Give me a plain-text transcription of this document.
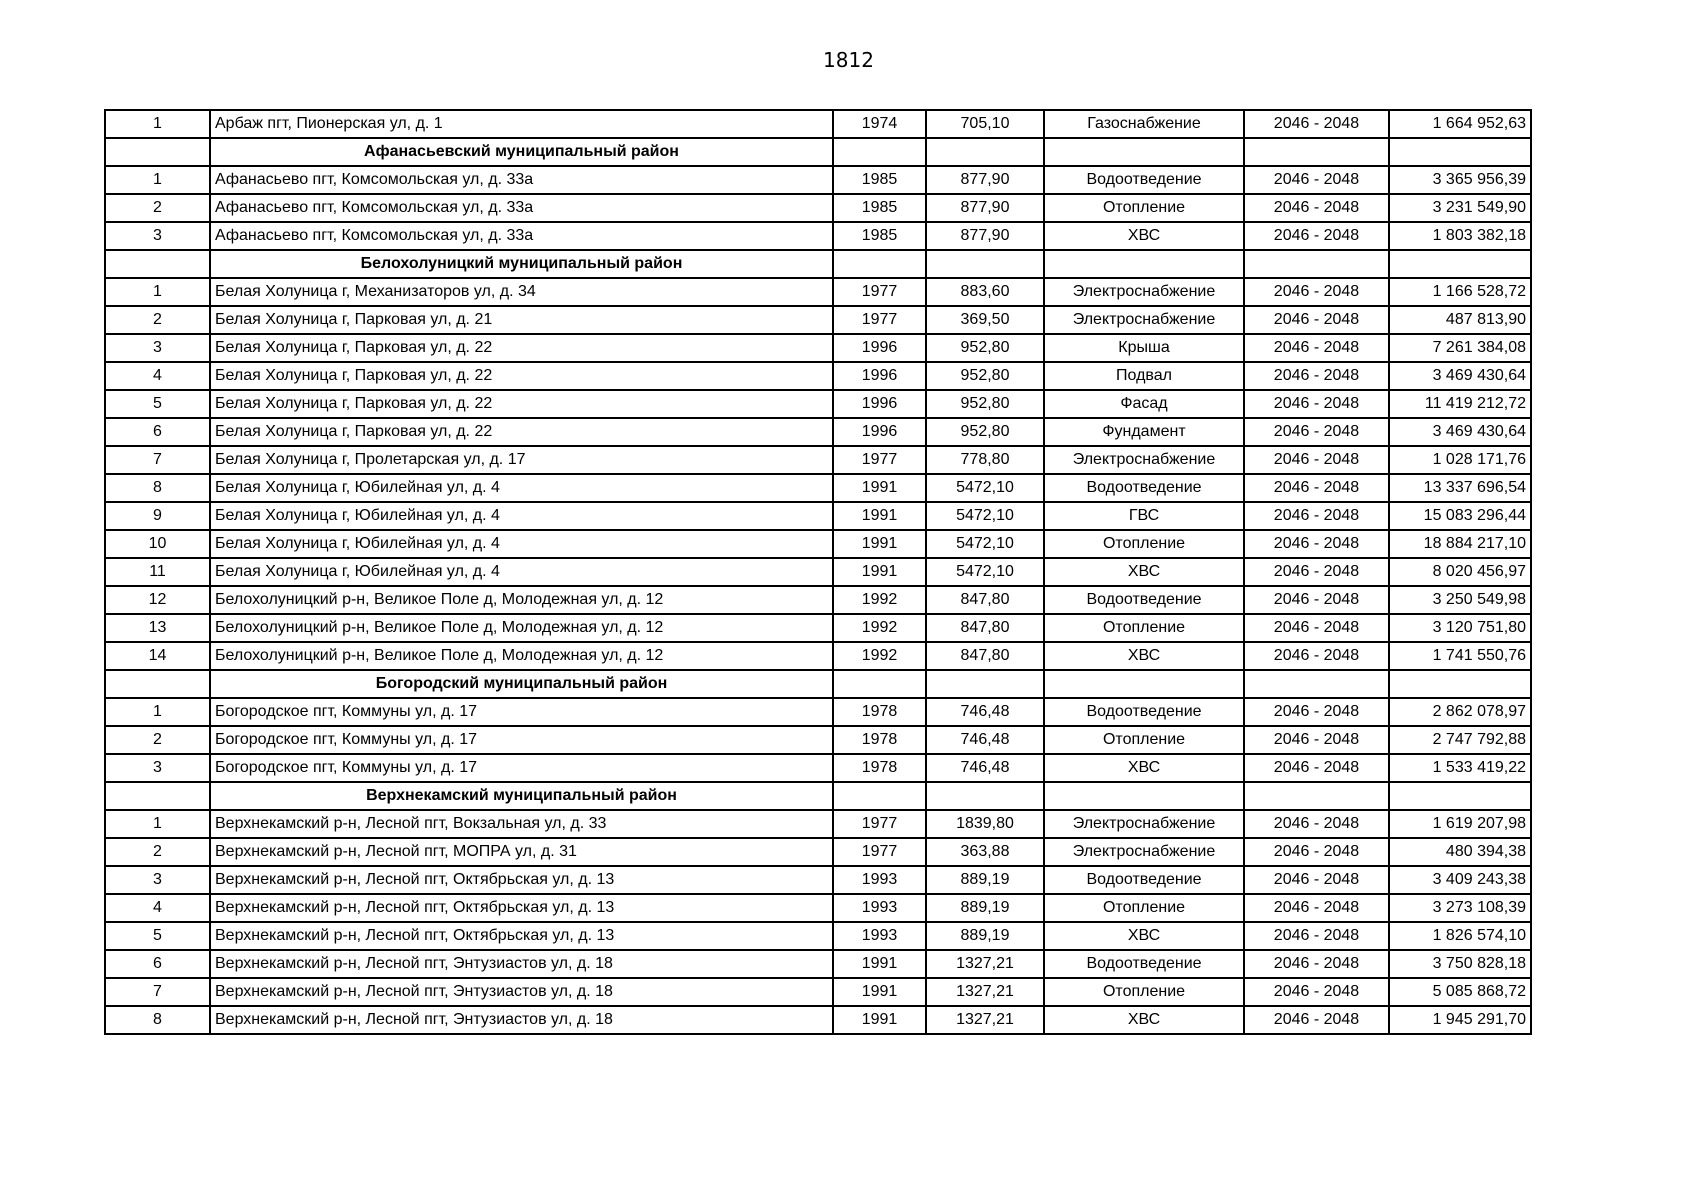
1812
1	Арбаж пгт, Пионерская ул, д. 1	1974	705,10	Газоснабжение	2046 - 2048	1 664 952,63
	Афанасьевский муниципальный район					
1	Афанасьево пгт, Комсомольская ул, д. 33а	1985	877,90	Водоотведение	2046 - 2048	3 365 956,39
2	Афанасьево пгт, Комсомольская ул, д. 33а	1985	877,90	Отопление	2046 - 2048	3 231 549,90
3	Афанасьево пгт, Комсомольская ул, д. 33а	1985	877,90	ХВС	2046 - 2048	1 803 382,18
	Белохолуницкий муниципальный район					
1	Белая Холуница г, Механизаторов ул, д. 34	1977	883,60	Электроснабжение	2046 - 2048	1 166 528,72
2	Белая Холуница г, Парковая ул, д. 21	1977	369,50	Электроснабжение	2046 - 2048	487 813,90
3	Белая Холуница г, Парковая ул, д. 22	1996	952,80	Крыша	2046 - 2048	7 261 384,08
4	Белая Холуница г, Парковая ул, д. 22	1996	952,80	Подвал	2046 - 2048	3 469 430,64
5	Белая Холуница г, Парковая ул, д. 22	1996	952,80	Фасад	2046 - 2048	11 419 212,72
6	Белая Холуница г, Парковая ул, д. 22	1996	952,80	Фундамент	2046 - 2048	3 469 430,64
7	Белая Холуница г, Пролетарская ул, д. 17	1977	778,80	Электроснабжение	2046 - 2048	1 028 171,76
8	Белая Холуница г, Юбилейная ул, д. 4	1991	5472,10	Водоотведение	2046 - 2048	13 337 696,54
9	Белая Холуница г, Юбилейная ул, д. 4	1991	5472,10	ГВС	2046 - 2048	15 083 296,44
10	Белая Холуница г, Юбилейная ул, д. 4	1991	5472,10	Отопление	2046 - 2048	18 884 217,10
11	Белая Холуница г, Юбилейная ул, д. 4	1991	5472,10	ХВС	2046 - 2048	8 020 456,97
12	Белохолуницкий р-н, Великое Поле д, Молодежная ул, д. 12	1992	847,80	Водоотведение	2046 - 2048	3 250 549,98
13	Белохолуницкий р-н, Великое Поле д, Молодежная ул, д. 12	1992	847,80	Отопление	2046 - 2048	3 120 751,80
14	Белохолуницкий р-н, Великое Поле д, Молодежная ул, д. 12	1992	847,80	ХВС	2046 - 2048	1 741 550,76
	Богородский муниципальный район					
1	Богородское пгт, Коммуны ул, д. 17	1978	746,48	Водоотведение	2046 - 2048	2 862 078,97
2	Богородское пгт, Коммуны ул, д. 17	1978	746,48	Отопление	2046 - 2048	2 747 792,88
3	Богородское пгт, Коммуны ул, д. 17	1978	746,48	ХВС	2046 - 2048	1 533 419,22
	Верхнекамский муниципальный район					
1	Верхнекамский р-н, Лесной пгт, Вокзальная ул, д. 33	1977	1839,80	Электроснабжение	2046 - 2048	1 619 207,98
2	Верхнекамский р-н, Лесной пгт, МОПРА ул, д. 31	1977	363,88	Электроснабжение	2046 - 2048	480 394,38
3	Верхнекамский р-н, Лесной пгт, Октябрьская ул, д. 13	1993	889,19	Водоотведение	2046 - 2048	3 409 243,38
4	Верхнекамский р-н, Лесной пгт, Октябрьская ул, д. 13	1993	889,19	Отопление	2046 - 2048	3 273 108,39
5	Верхнекамский р-н, Лесной пгт, Октябрьская ул, д. 13	1993	889,19	ХВС	2046 - 2048	1 826 574,10
6	Верхнекамский р-н, Лесной пгт, Энтузиастов ул, д. 18	1991	1327,21	Водоотведение	2046 - 2048	3 750 828,18
7	Верхнекамский р-н, Лесной пгт, Энтузиастов ул, д. 18	1991	1327,21	Отопление	2046 - 2048	5 085 868,72
8	Верхнекамский р-н, Лесной пгт, Энтузиастов ул, д. 18	1991	1327,21	ХВС	2046 - 2048	1 945 291,70
